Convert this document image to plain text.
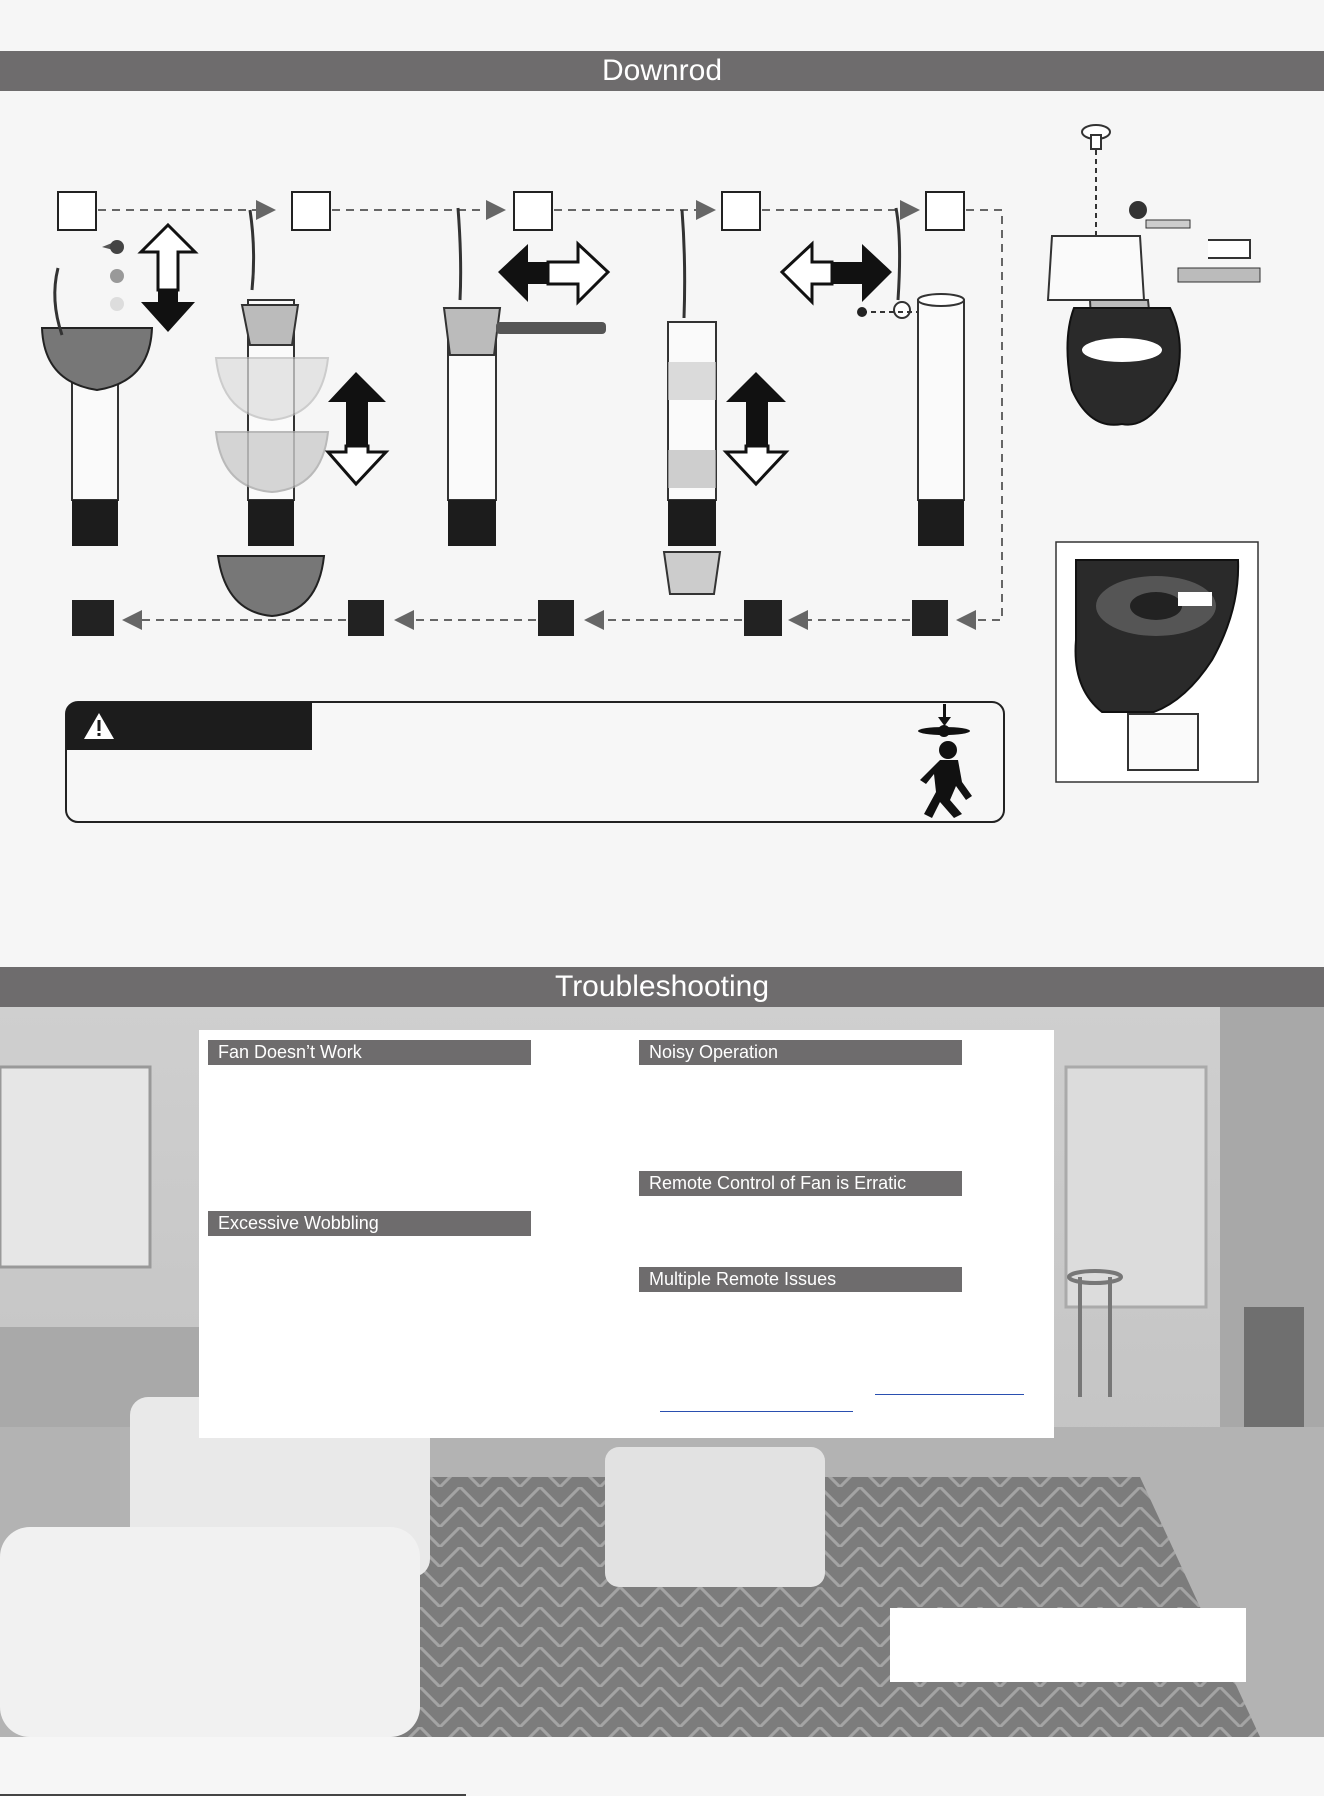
Downrod
Troubleshooting
Fan Doesn’t Work
Excessive Wobbling
Noisy Operation
Remote Control of Fan is Erratic
Multiple Remote Issues
